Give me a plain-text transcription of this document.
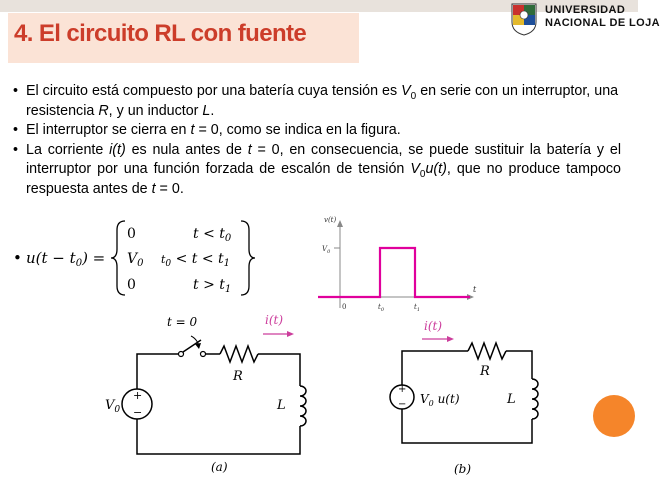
4. El circuito RL con fuente
UNIVERSIDAD
NACIONAL DE LOJA
• El circuito está compuesto por una batería cuya tensión es $V_0$ en serie con un interruptor, una resistencia R, y un inductor L.
• El interruptor se cierra en t = 0, como se indica en la figura.
• La corriente i(t) es nula antes de t = 0, en consecuencia, se puede sustituir la batería y el interruptor por una función forzada de escalón de tensión $V_0u(t)$, que no produce tampoco respuesta antes de t = 0.
• $u(t - t_0)$ =
0	$t < t_0$
$V_0$ $t_0 < t < t_1$
0	$t > t_1$
v(t)
t
$V_0$
0	$t_0$	$t_1$
+
−
t = 0
R
L
$V_0$
i(t)
(a)
+
−
R
L
$V_0$ u(t)
i(t)
(b)
